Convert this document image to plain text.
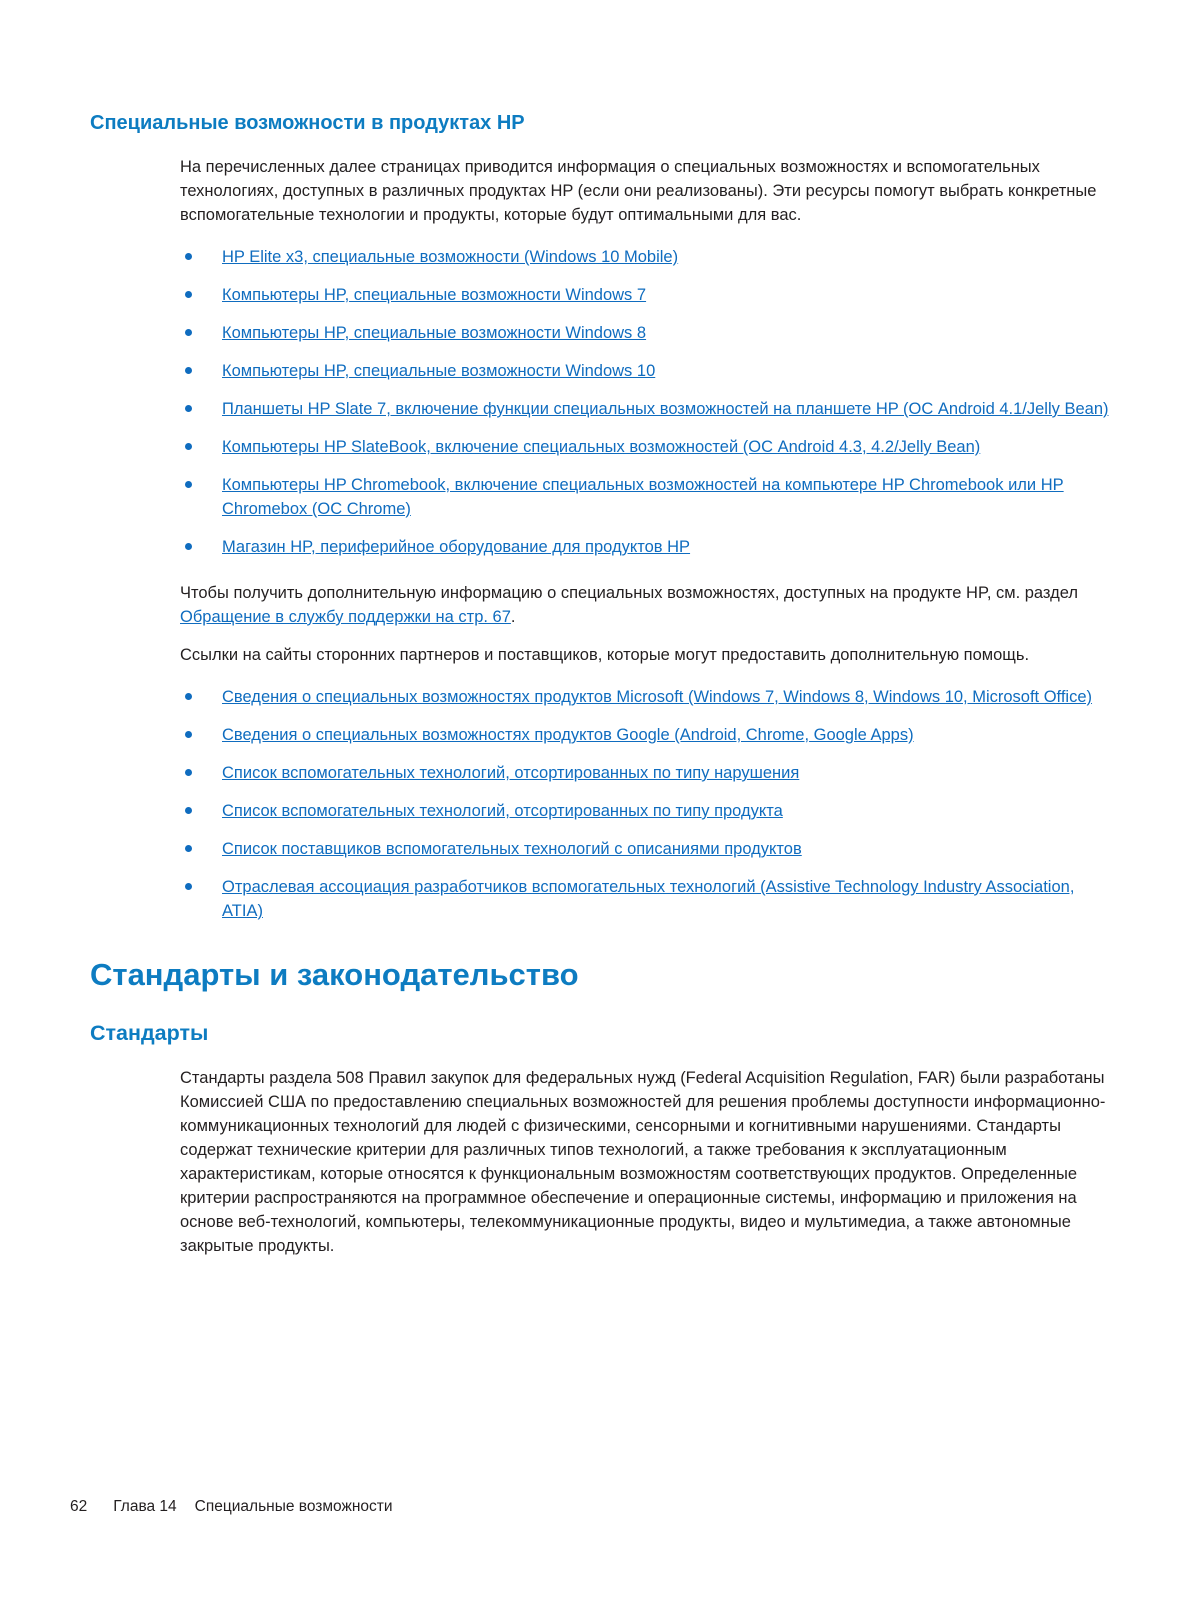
Специальные возможности в продуктах HP

На перечисленных далее страницах приводится информация о специальных возможностях и вспомогательных технологиях, доступных в различных продуктах HP (если они реализованы). Эти ресурсы помогут выбрать конкретные вспомогательные технологии и продукты, которые будут оптимальными для вас.

HP Elite x3, специальные возможности (Windows 10 Mobile)
Компьютеры HP, специальные возможности Windows 7
Компьютеры HP, специальные возможности Windows 8
Компьютеры HP, специальные возможности Windows 10
Планшеты HP Slate 7, включение функции специальных возможностей на планшете HP (ОС Android 4.1/Jelly Bean)
Компьютеры HP SlateBook, включение специальных возможностей (ОС Android 4.3, 4.2/Jelly Bean)
Компьютеры HP Chromebook, включение специальных возможностей на компьютере HP Chromebook или HP Chromebox (ОС Chrome)
Магазин HP, периферийное оборудование для продуктов HP

Чтобы получить дополнительную информацию о специальных возможностях, доступных на продукте HP, см. раздел Обращение в службу поддержки на стр. 67.

Ссылки на сайты сторонних партнеров и поставщиков, которые могут предоставить дополнительную помощь.

Сведения о специальных возможностях продуктов Microsoft (Windows 7, Windows 8, Windows 10, Microsoft Office)
Сведения о специальных возможностях продуктов Google (Android, Chrome, Google Apps)
Список вспомогательных технологий, отсортированных по типу нарушения
Список вспомогательных технологий, отсортированных по типу продукта
Список поставщиков вспомогательных технологий с описаниями продуктов
Отраслевая ассоциация разработчиков вспомогательных технологий (Assistive Technology Industry Association, ATIA)
Стандарты и законодательство
Стандарты

Стандарты раздела 508 Правил закупок для федеральных нужд (Federal Acquisition Regulation, FAR) были разработаны Комиссией США по предоставлению специальных возможностей для решения проблемы доступности информационно-коммуникационных технологий для людей с физическими, сенсорными и когнитивными нарушениями. Стандарты содержат технические критерии для различных типов технологий, а также требования к эксплуатационным характеристикам, которые относятся к функциональным возможностям соответствующих продуктов. Определенные критерии распространяются на программное обеспечение и операционные системы, информацию и приложения на основе веб-технологий, компьютеры, телекоммуникационные продукты, видео и мультимедиа, а также автономные закрытые продукты.

62 Глава 14 Специальные возможности
